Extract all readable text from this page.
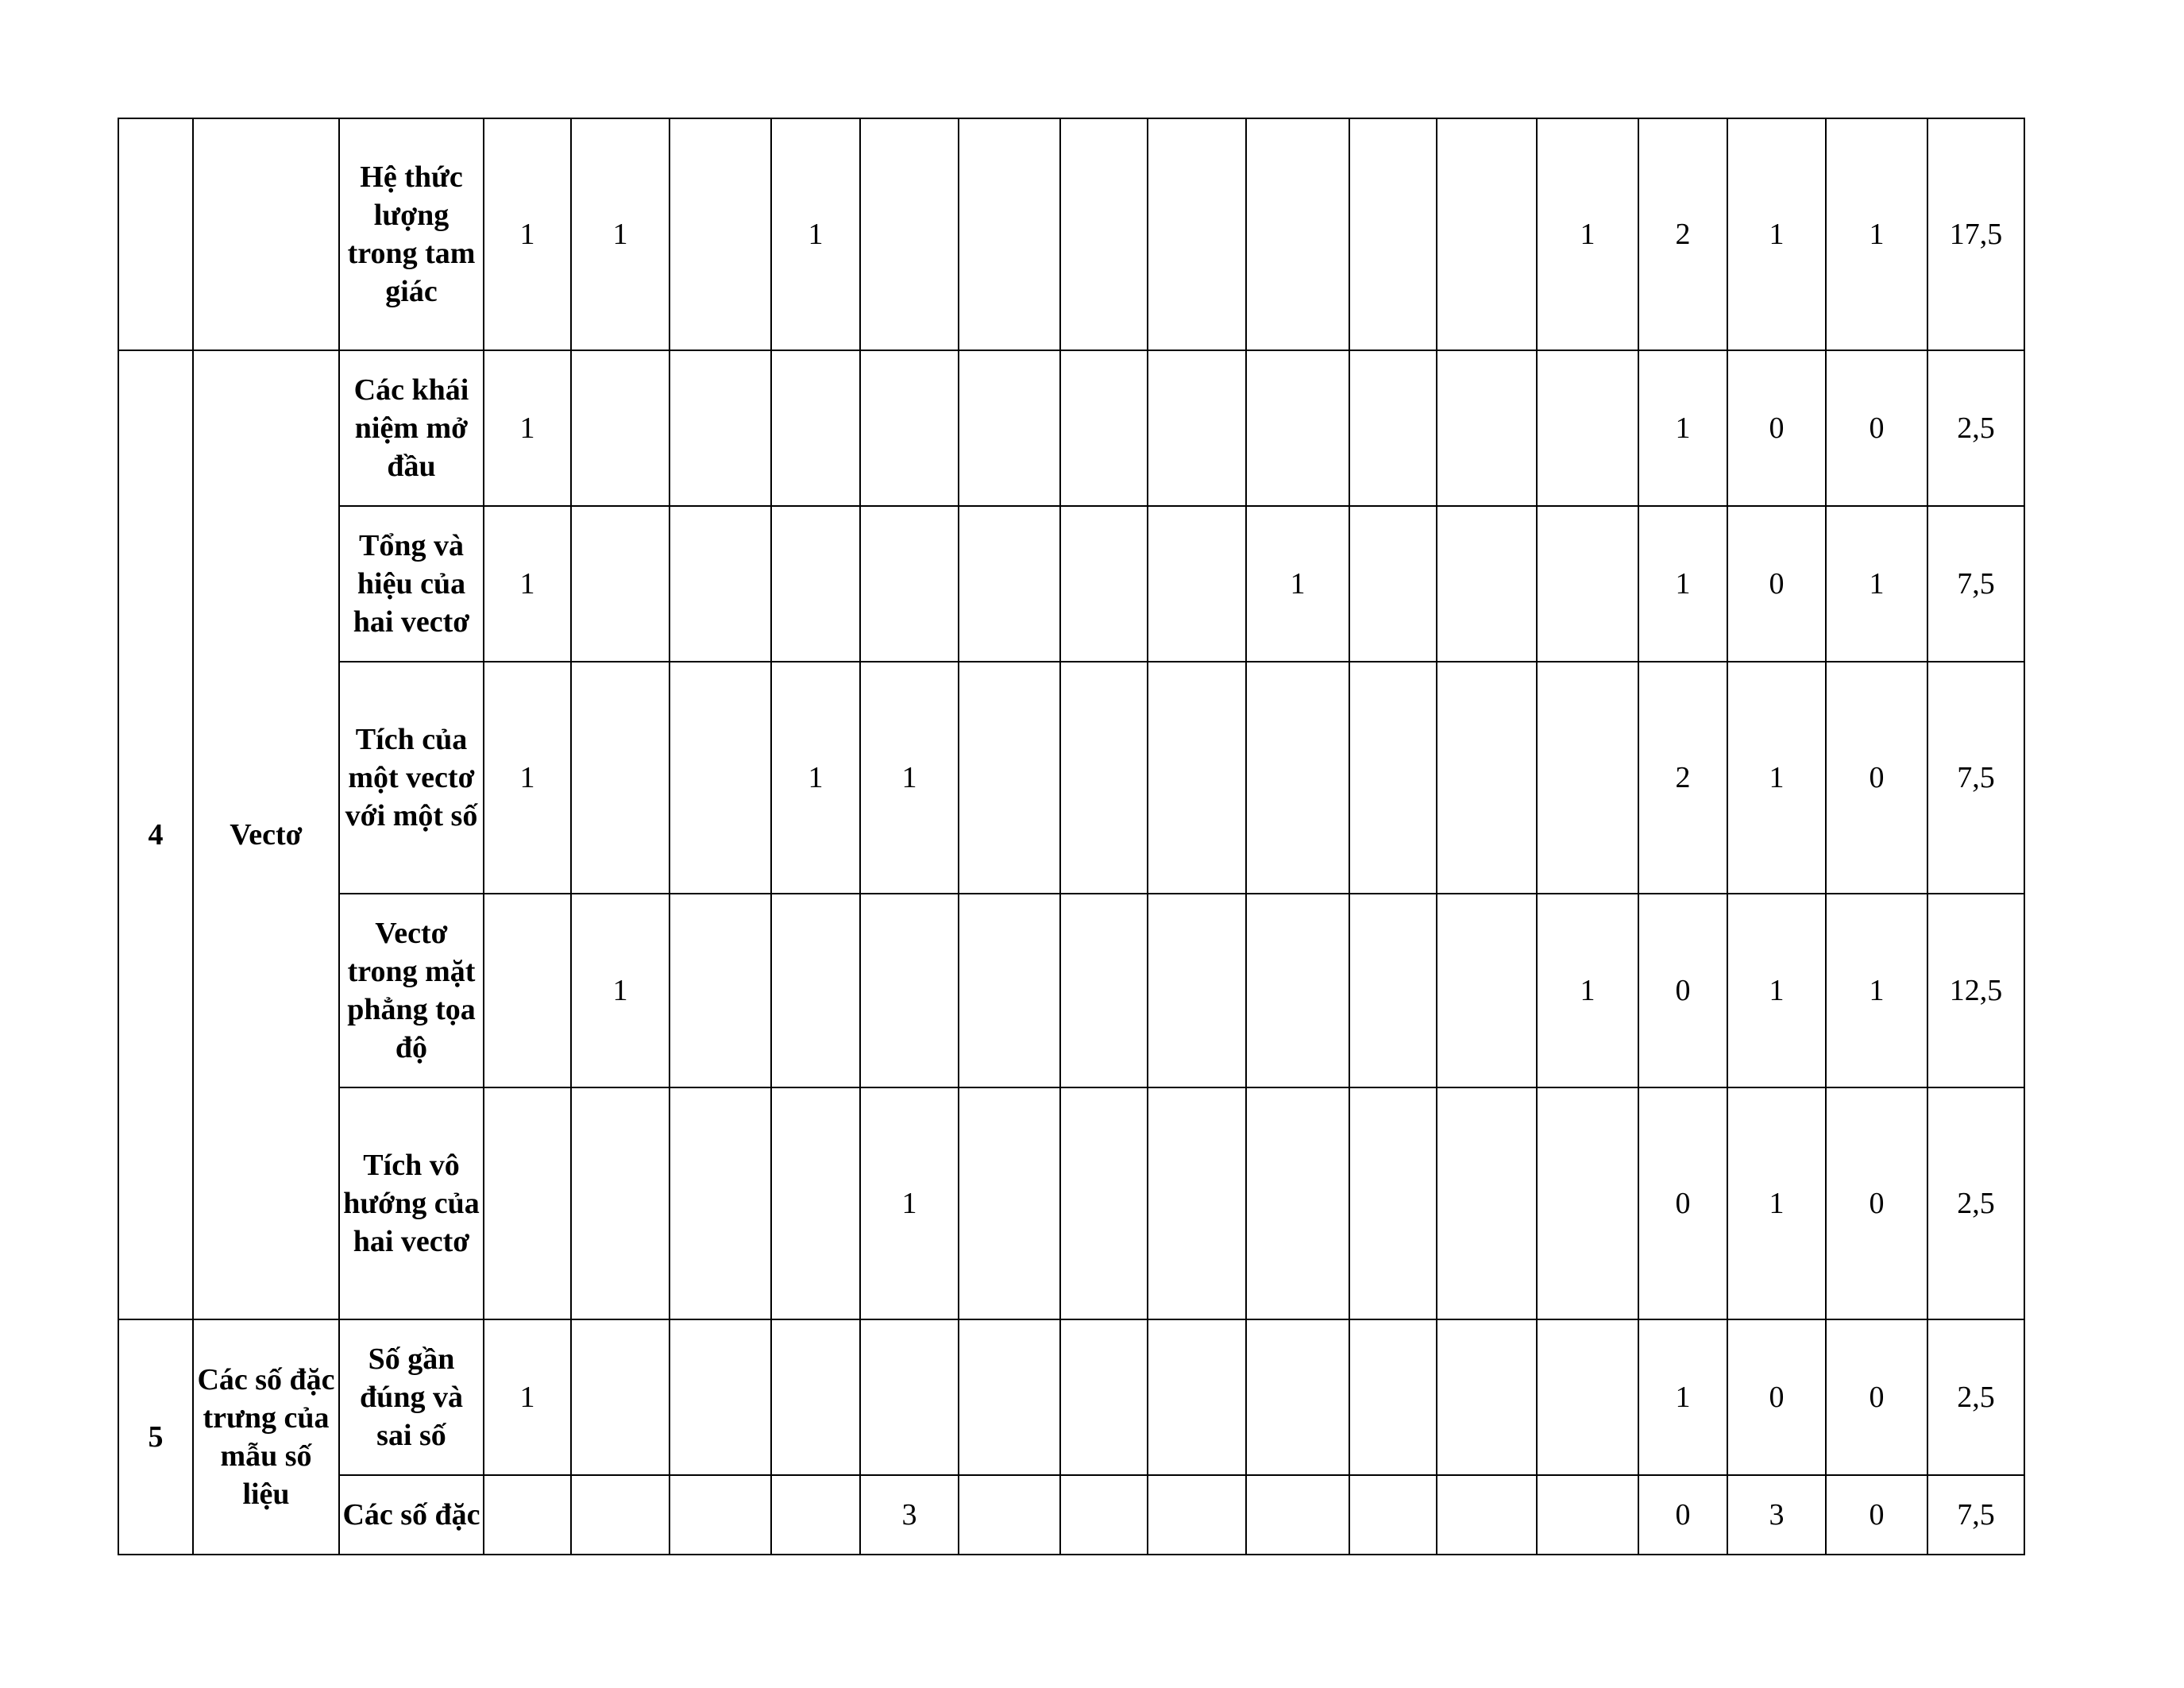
		Hệ thức lượng trong tam giác	1	1		1								1	2	1	1	17,5
4	Vectơ	Các khái niệm mở đầu	1												1	0	0	2,5
		Tổng và hiệu của hai vectơ	1								1				1	0	1	7,5
		Tích của một vectơ với một số	1			1	1								2	1	0	7,5
		Vectơ trong mặt phẳng tọa độ		1										1	0	1	1	12,5
		Tích vô hướng của hai vectơ					1								0	1	0	2,5
5	Các số đặc trưng của mẫu số liệu	Số gần đúng và sai số	1												1	0	0	2,5
		Các số đặc					3								0	3	0	7,5
